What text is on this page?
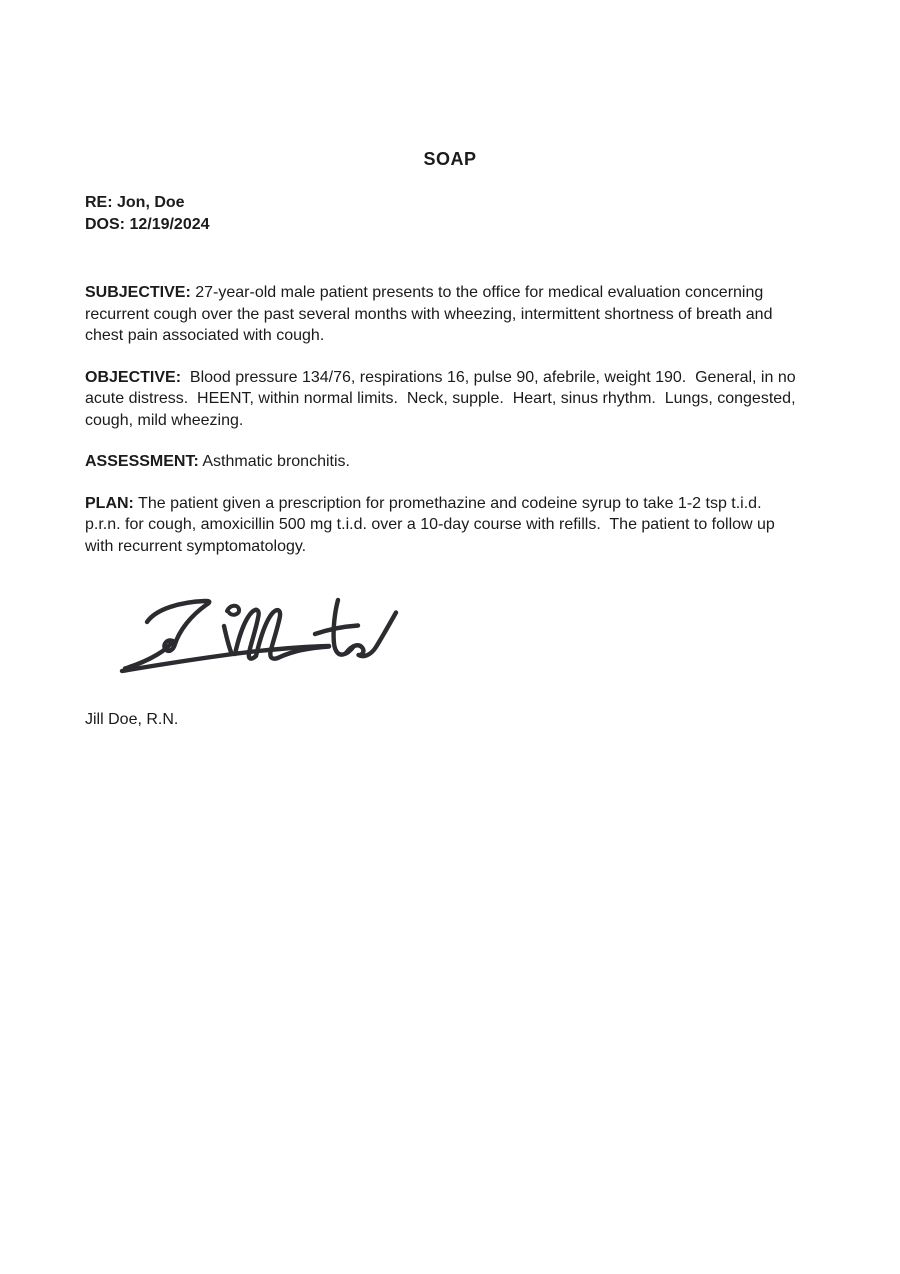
SOAP
RE: Jon, Doe
DOS: 12/19/2024

SUBJECTIVE: 27-year-old male patient presents to the office for medical evaluation concerning recurrent cough over the past several months with wheezing, intermittent shortness of breath and chest pain associated with cough.

OBJECTIVE:  Blood pressure 134/76, respirations 16, pulse 90, afebrile, weight 190.  General, in no acute distress.  HEENT, within normal limits.  Neck, supple.  Heart, sinus rhythm.  Lungs, congested, cough, mild wheezing.

ASSESSMENT: Asthmatic bronchitis.

PLAN: The patient given a prescription for promethazine and codeine syrup to take 1-2 tsp t.i.d. p.r.n. for cough, amoxicillin 500 mg t.i.d. over a 10-day course with refills.  The patient to follow up with recurrent symptomatology.

Jill Doe, R.N.
